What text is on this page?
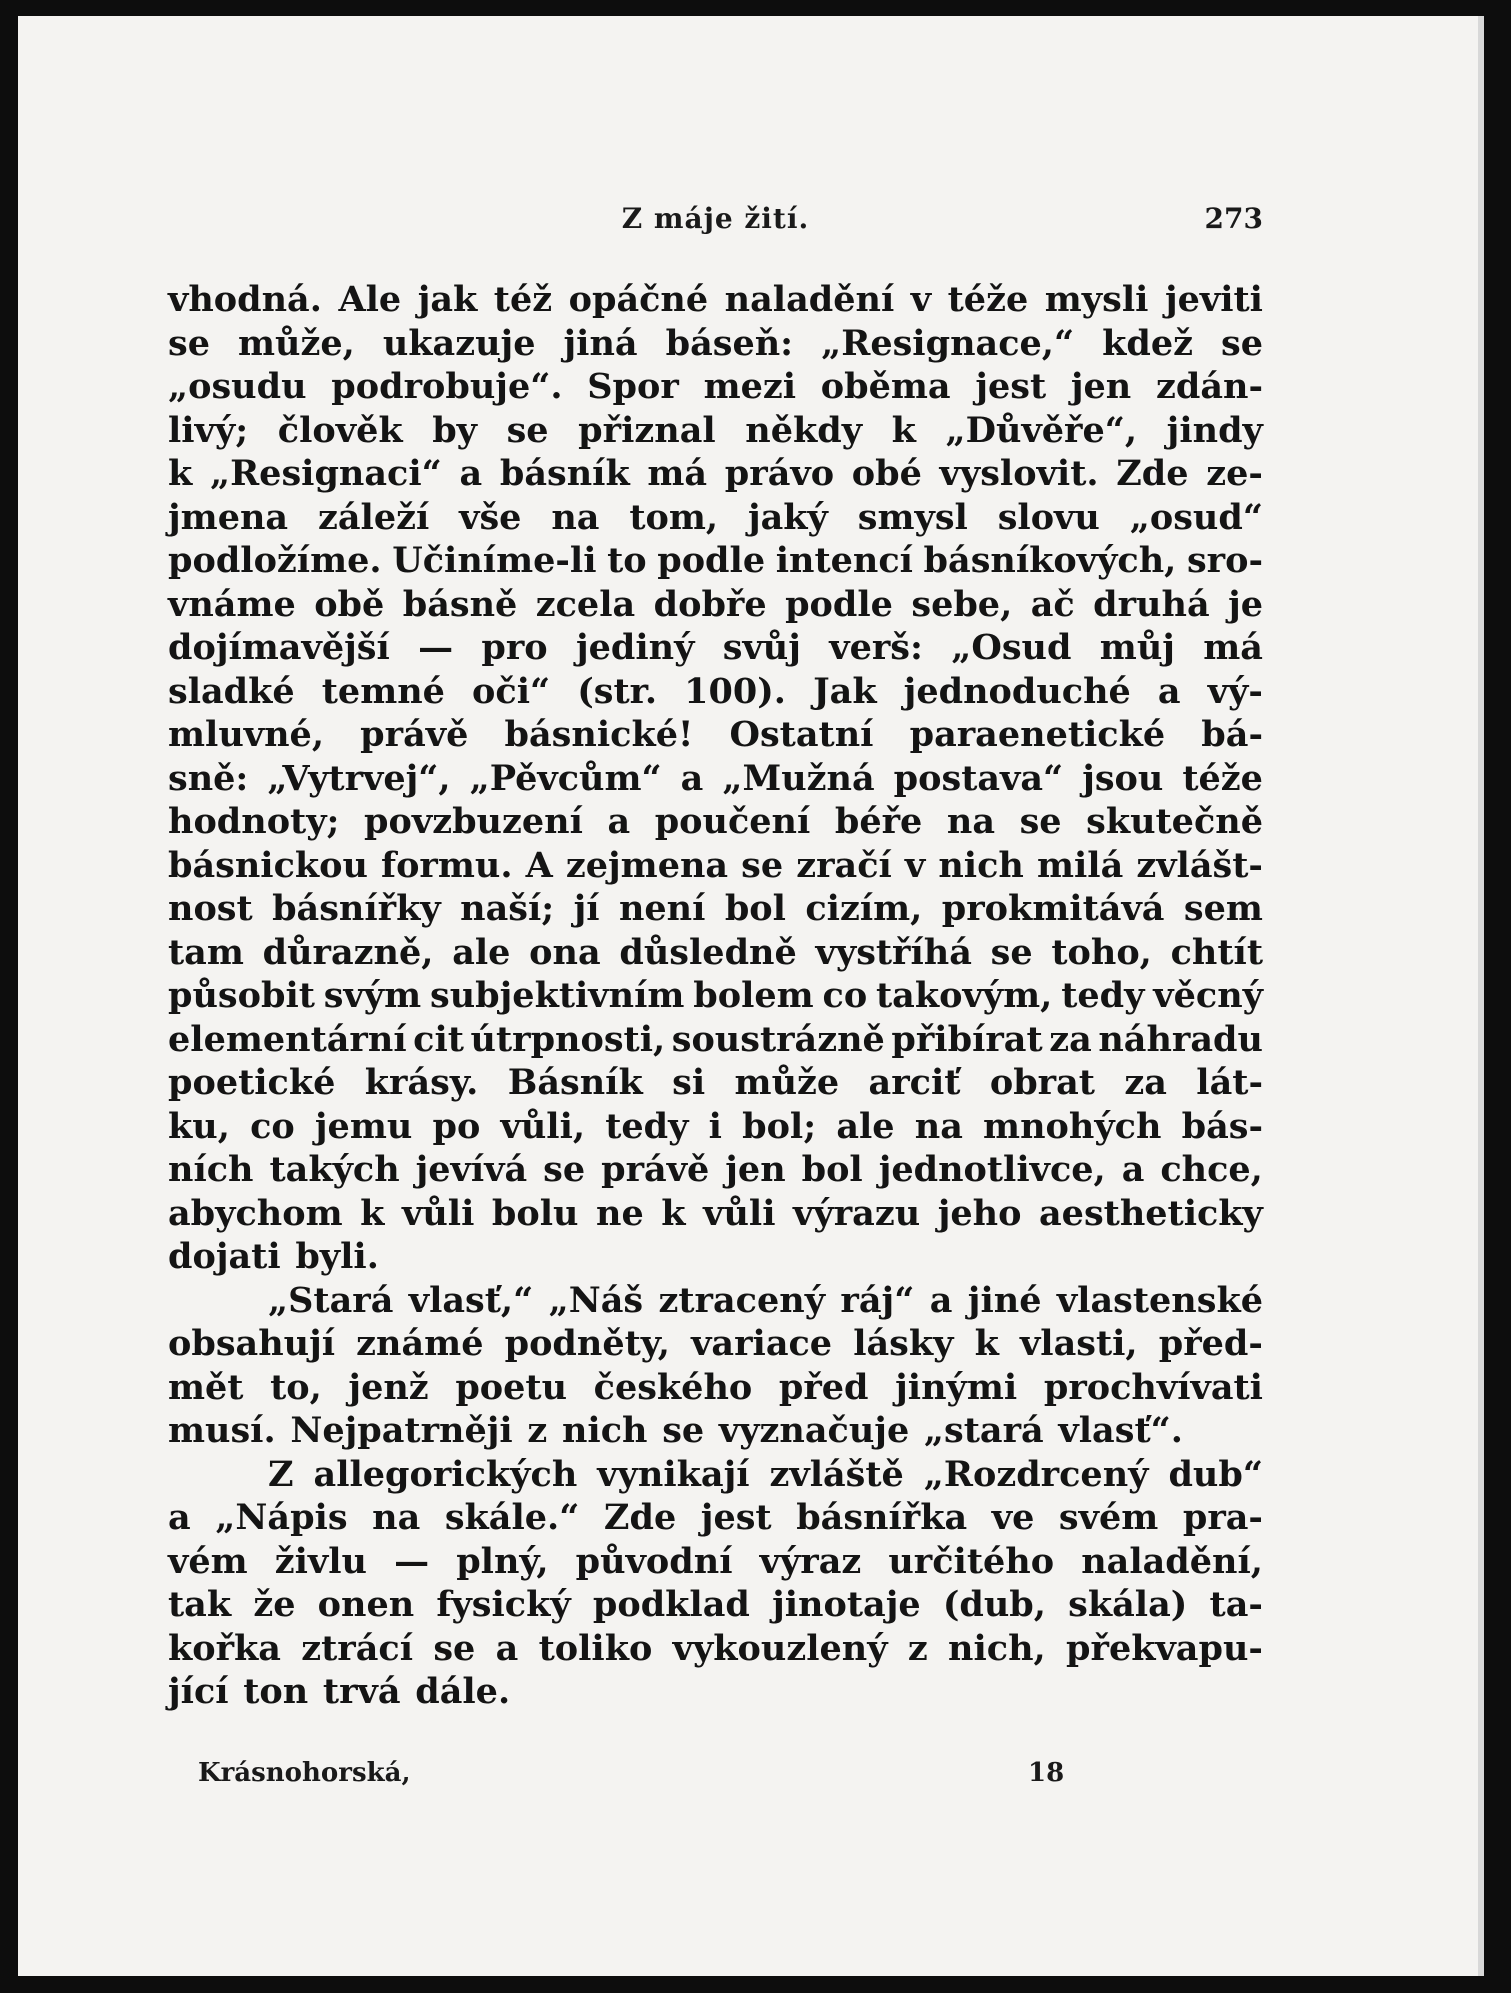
Z máje žití.	273
vhodná. Ale jak též opáčné naladění v téže mysli jeviti
se může, ukazuje jiná báseň: „Resignace,“ kdež se
„osudu podrobuje“. Spor mezi oběma jest jen zdán-
livý; člověk by se přiznal někdy k „Důvěře“, jindy
k „Resignaci“ a básník má právo obé vyslovit. Zde ze-
jmena záleží vše na tom, jaký smysl slovu „osud“
podložíme. Učiníme-li to podle intencí básníkových, sro-
vnáme obě básně zcela dobře podle sebe, ač druhá je
dojímavější — pro jediný svůj verš: „Osud můj má
sladké temné oči“ (str. 100). Jak jednoduché a vý-
mluvné, právě básnické! Ostatní paraenetické bá-
sně: „Vytrvej“, „Pěvcům“ a „Mužná postava“ jsou téže
hodnoty; povzbuzení a poučení béře na se skutečně
básnickou formu. A zejmena se zračí v nich milá zvlášt-
nost básnířky naší; jí není bol cizím, prokmitává sem
tam důrazně, ale ona důsledně vystříhá se toho, chtít
působit svým subjektivním bolem co takovým, tedy věcný
elementární cit útrpnosti, soustrázně přibírat za náhradu
poetické krásy. Básník si může arciť obrat za lát-
ku, co jemu po vůli, tedy i bol; ale na mnohých bás-
ních takých jevívá se právě jen bol jednotlivce, a chce,
abychom k vůli bolu ne k vůli výrazu jeho aestheticky
dojati byli.
„Stará vlasť,“ „Náš ztracený ráj“ a jiné vlastenské
obsahují známé podněty, variace lásky k vlasti, před-
mět to, jenž poetu českého před jinými prochvívati
musí. Nejpatrněji z nich se vyznačuje „stará vlasť“.
Z allegorických vynikají zvláště „Rozdrcený dub“
a „Nápis na skále.“ Zde jest básnířka ve svém pra-
vém živlu — plný, původní výraz určitého naladění,
tak že onen fysický podklad jinotaje (dub, skála) ta-
kořka ztrácí se a toliko vykouzlený z nich, překvapu-
jící ton trvá dále.
Krásnohorská,	18
